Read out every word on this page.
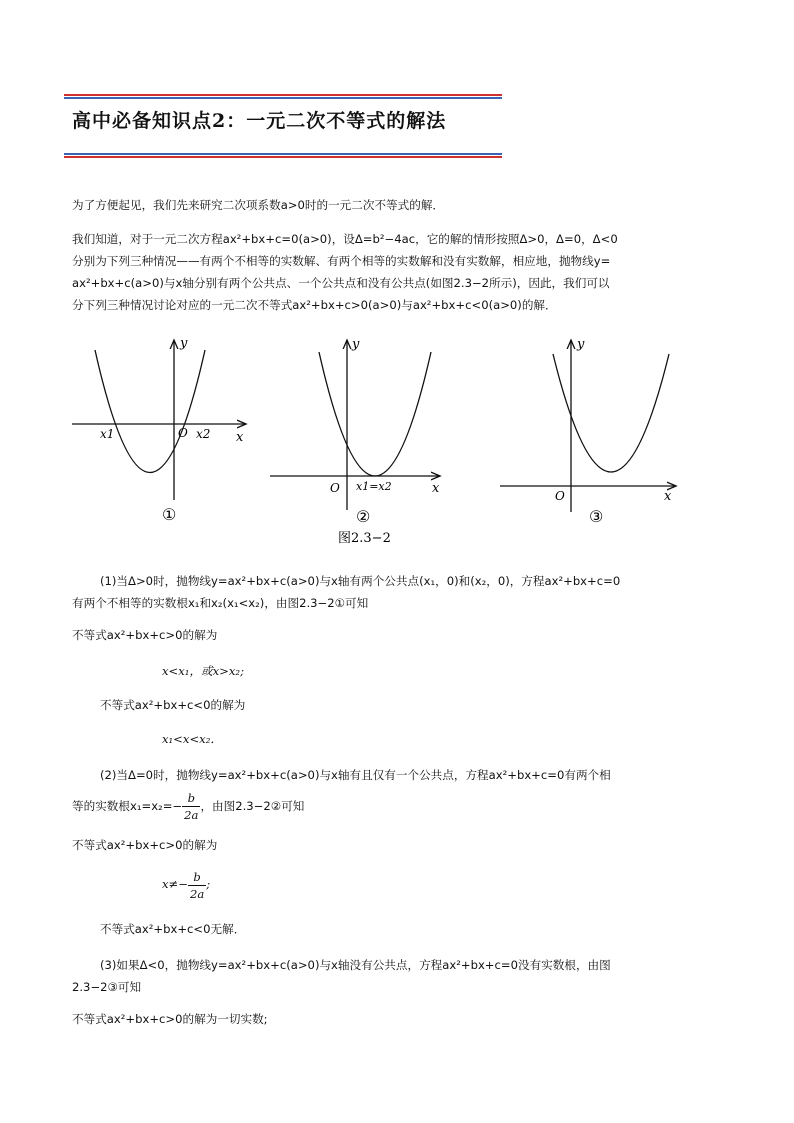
高中必备知识点2：一元二次不等式的解法
为了方便起见，我们先来研究二次项系数a>0时的一元二次不等式的解．
我们知道，对于一元二次方程ax²+bx+c=0(a>0)，设Δ=b²−4ac，它的解的情形按照Δ>0，Δ=0，Δ<0
分别为下列三种情况——有两个不相等的实数解、有两个相等的实数解和没有实数解，相应地，抛物线y=
ax²+bx+c(a>0)与x轴分别有两个公共点、一个公共点和没有公共点(如图2.3−2所示)，因此，我们可以
分下列三种情况讨论对应的一元二次不等式ax²+bx+c>0(a>0)与ax²+bx+c<0(a>0)的解．
y
x
O
x1	x2
①
y
x
O x1=x2
②
y
x
O
③
图2.3−2
(1)当Δ>0时，抛物线y=ax²+bx+c(a>0)与x轴有两个公共点(x₁，0)和(x₂，0)，方程ax²+bx+c=0
有两个不相等的实数根x₁和x₂(x₁<x₂)，由图2.3−2①可知
不等式ax²+bx+c>0的解为
x<x₁，或x>x₂;
不等式ax²+bx+c<0的解为
x₁<x<x₂．
(2)当Δ=0时，抛物线y=ax²+bx+c(a>0)与x轴有且仅有一个公共点，方程ax²+bx+c=0有两个相
等的实数根$x_1=x_2=- \frac{b}{2a}$ ，由图2.3−2②可知
不等式ax²+bx+c>0的解为
$x\ne- \frac{b}{2a}$ ;
不等式ax²+bx+c<0无解．
(3)如果Δ<0，抛物线y=ax²+bx+c(a>0)与x轴没有公共点，方程ax²+bx+c=0没有实数根，由图
2.3−2③可知
不等式ax²+bx+c>0的解为一切实数;
